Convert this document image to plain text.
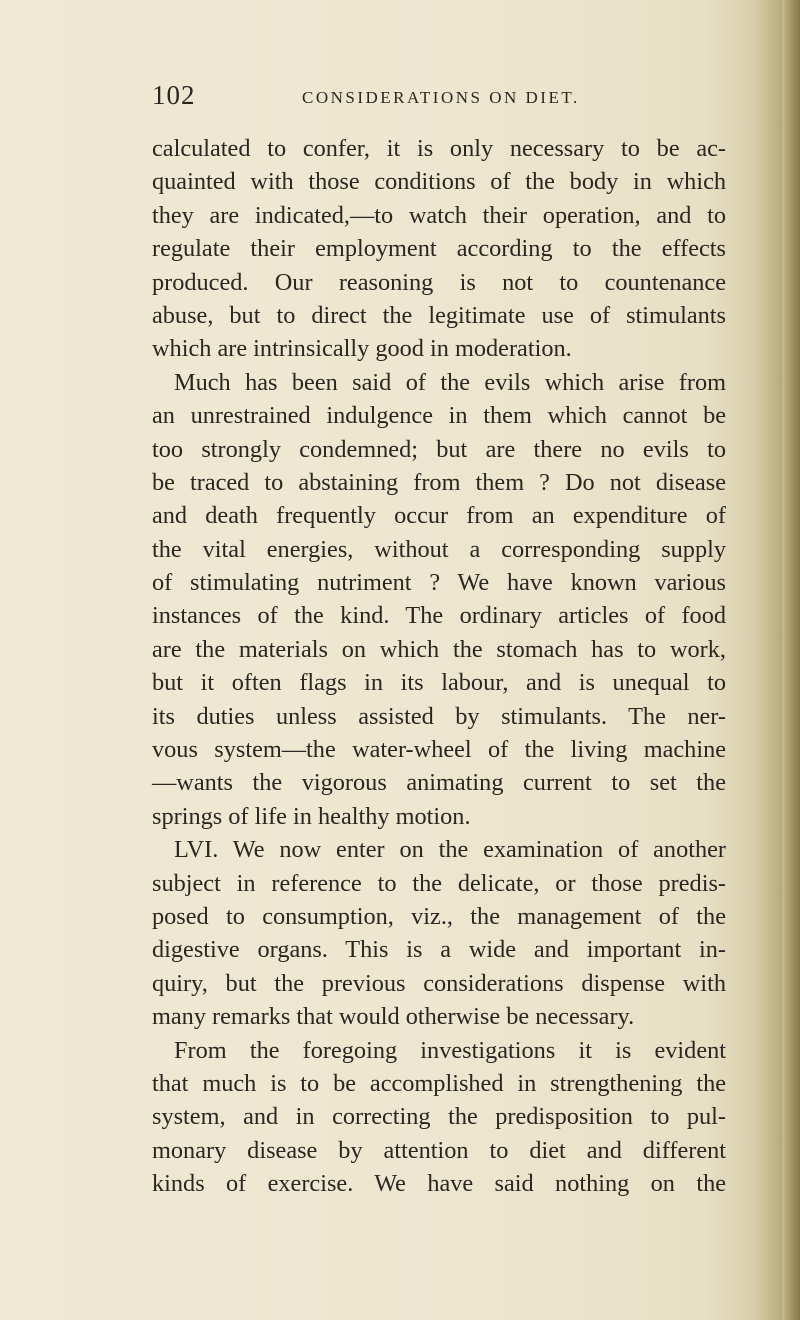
102	CONSIDERATIONS ON DIET.
calculated to confer, it is only necessary to be ac-
quainted with those conditions of the body in which
they are indicated,—to watch their operation, and to
regulate their employment according to the effects
produced. Our reasoning is not to countenance
abuse, but to direct the legitimate use of stimulants
which are intrinsically good in moderation.
Much has been said of the evils which arise from
an unrestrained indulgence in them which cannot be
too strongly condemned; but are there no evils to
be traced to abstaining from them ? Do not disease
and death frequently occur from an expenditure of
the vital energies, without a corresponding supply
of stimulating nutriment ? We have known various
instances of the kind. The ordinary articles of food
are the materials on which the stomach has to work,
but it often flags in its labour, and is unequal to
its duties unless assisted by stimulants. The ner-
vous system—the water-wheel of the living machine
—wants the vigorous animating current to set the
springs of life in healthy motion.
LVI. We now enter on the examination of another
subject in reference to the delicate, or those predis-
posed to consumption, viz., the management of the
digestive organs. This is a wide and important in-
quiry, but the previous considerations dispense with
many remarks that would otherwise be necessary.
From the foregoing investigations it is evident
that much is to be accomplished in strengthening the
system, and in correcting the predisposition to pul-
monary disease by attention to diet and different
kinds of exercise. We have said nothing on the
